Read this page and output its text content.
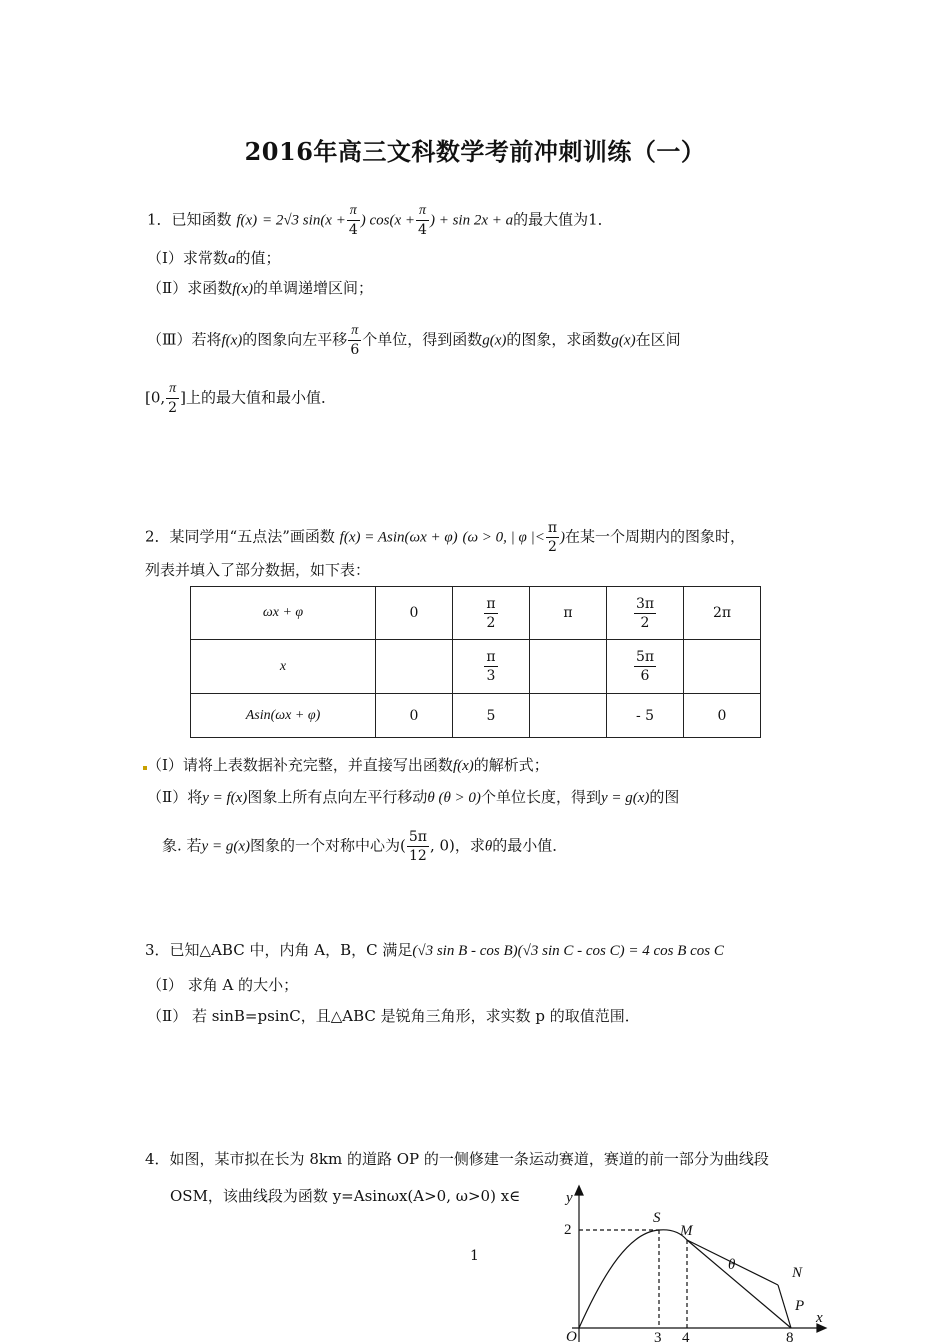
2016年高三文科数学考前冲刺训练（一）
1．已知函数 f(x) = 2√3 $\sin(x + \frac{\pi}{4}$ ) $\cos(x + \frac{\pi}{4}$ ) + sin 2x + a的最大值为1．
（Ⅰ）求常数a的值；
（Ⅱ）求函数f(x)的单调递增区间；
（Ⅲ）若将f(x)的图象向左平移 $\frac{\pi}{6}$ 个单位，得到函数g(x)的图象，求函数g(x)在区间
[0, $\frac{\pi}{2}$ ]上的最大值和最小值．
2．某同学用“五点法”画函数 f(x) = Asin(ωx + φ) (ω > 0, | φ |< $\frac{\pi}{2}$ )在某一个周期内的图象时，
列表并填入了部分数据，如下表：
ωx + φ	0	$\frac{\pi}{2}$	π	$\frac{3\pi}{2}$	2π
x		$\frac{\pi}{3}$		$\frac{5\pi}{6}$

Asin(ωx + φ)	0	5		- 5	0
（Ⅰ）请将上表数据补充完整，并直接写出函数f(x)的解析式；
（Ⅱ）将y = f(x)图象上所有点向左平行移动θ (θ > 0)个单位长度，得到y = g(x)的图
象. 若y = g(x)图象的一个对称中心为( $\frac{5\pi}{12}$ , 0)，求θ的最小值．
3．已知△ABC 中，内角 A，B，C 满足(√3 sin B - cos B)(√3 sin C - cos C) = 4 cos B cos C
（Ⅰ） 求角 A 的大小；
（Ⅱ） 若 sinB=psinC，且△ABC 是锐角三角形，求实数 p 的取值范围．
4．如图，某市拟在长为 8km 的道路 OP 的一侧修建一条运动赛道，赛道的前一部分为曲线段
OSM，该曲线段为函数 y=Asinωx(A>0, ω>0) x∈	y
x
O
S
M
N
P
θ
2
3 4	8
1
